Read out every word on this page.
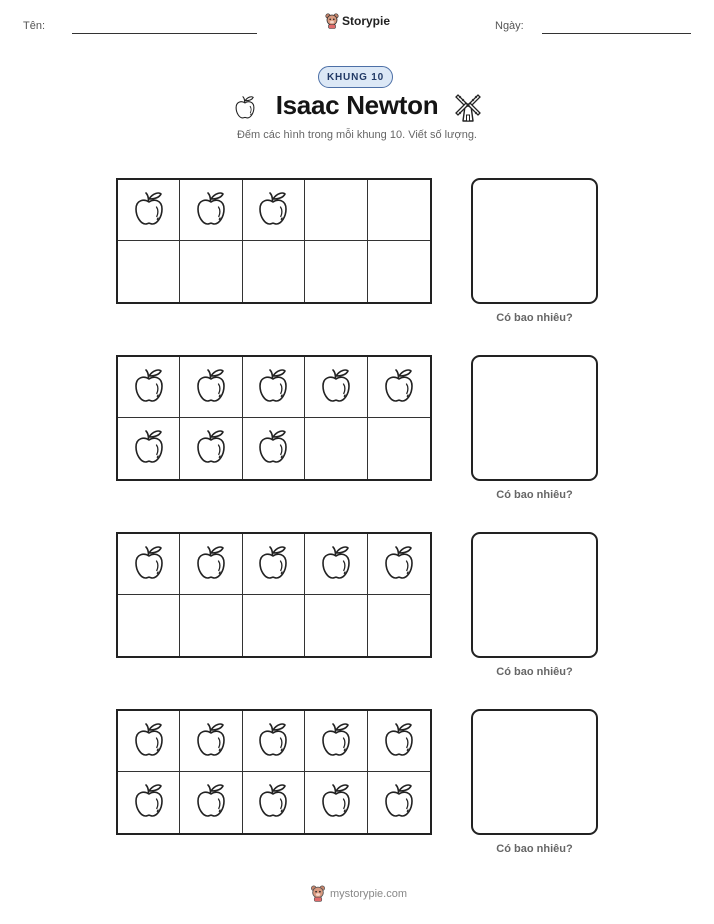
Tên:	Storypie	Ngày:
KHUNG 10
Isaac Newton
Đếm các hình trong mỗi khung 10. Viết số lượng.
Có bao nhiêu?
Có bao nhiêu?
Có bao nhiêu?
Có bao nhiêu?
mystorypie.com
